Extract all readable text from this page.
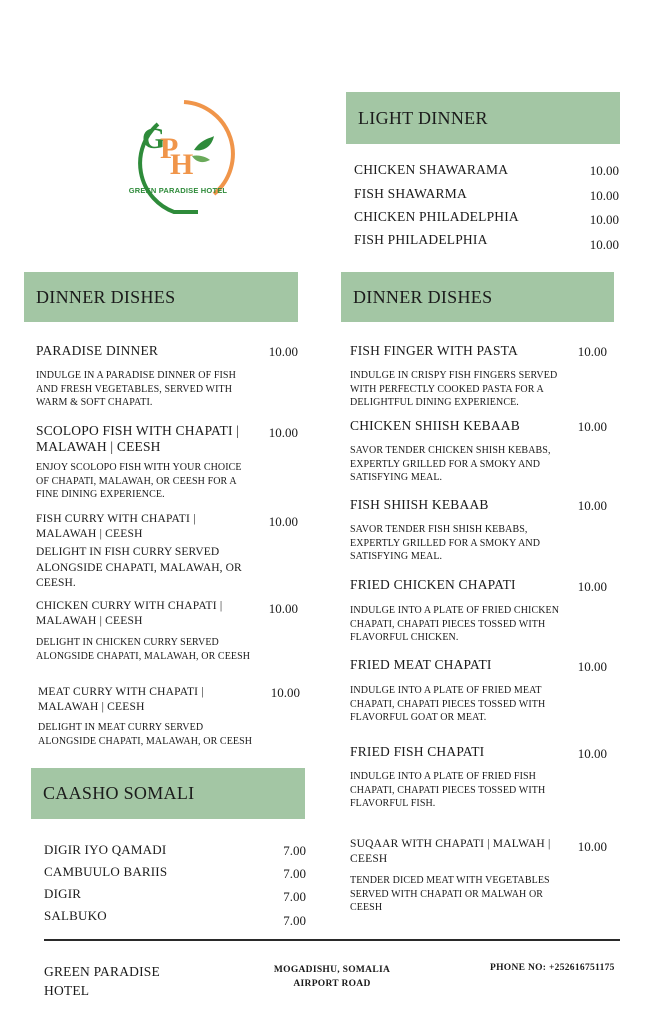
G
P
H
GREEN PARADISE HOTEL
LIGHT DINNER
CHICKEN SHAWARAMA	10.00
FISH SHAWARMA	10.00
CHICKEN PHILADELPHIA	10.00
FISH PHILADELPHIA	10.00
DINNER DISHES
PARADISE DINNER	10.00
INDULGE IN A PARADISE DINNER OF FISH AND FRESH VEGETABLES, SERVED WITH WARM & SOFT CHAPATI.
SCOLOPO FISH WITH CHAPATI | MALAWAH | CEESH
10.00
ENJOY SCOLOPO FISH WITH YOUR CHOICE OF CHAPATI, MALAWAH, OR CEESH FOR A FINE DINING EXPERIENCE.
FISH CURRY WITH CHAPATI | MALAWAH | CEESH
10.00
DELIGHT IN FISH CURRY SERVED ALONGSIDE CHAPATI, MALAWAH, OR CEESH.
CHICKEN CURRY WITH CHAPATI | MALAWAH | CEESH
10.00
DELIGHT IN CHICKEN CURRY SERVED ALONGSIDE CHAPATI, MALAWAH, OR CEESH
MEAT CURRY WITH CHAPATI | MALAWAH | CEESH
10.00
DELIGHT IN MEAT CURRY SERVED ALONGSIDE CHAPATI, MALAWAH, OR CEESH
DINNER DISHES
FISH FINGER WITH PASTA	10.00
INDULGE IN CRISPY FISH FINGERS SERVED WITH PERFECTLY COOKED PASTA FOR A DELIGHTFUL DINING EXPERIENCE.
CHICKEN SHIISH KEBAAB	10.00
SAVOR TENDER CHICKEN SHISH KEBABS, EXPERTLY GRILLED FOR A SMOKY AND SATISFYING MEAL.
FISH SHIISH KEBAAB	10.00
SAVOR TENDER FISH SHISH KEBABS, EXPERTLY GRILLED FOR A SMOKY AND SATISFYING MEAL.
FRIED CHICKEN CHAPATI	10.00
INDULGE INTO A PLATE OF FRIED CHICKEN CHAPATI, CHAPATI PIECES TOSSED WITH FLAVORFUL CHICKEN.
FRIED MEAT CHAPATI	10.00
INDULGE INTO A PLATE OF FRIED MEAT CHAPATI, CHAPATI PIECES TOSSED WITH FLAVORFUL GOAT OR MEAT.
FRIED FISH CHAPATI	10.00
INDULGE INTO A PLATE OF FRIED FISH CHAPATI, CHAPATI PIECES TOSSED WITH FLAVORFUL FISH.
SUQAAR WITH CHAPATI | MALWAH | CEESH
10.00
TENDER DICED MEAT WITH VEGETABLES SERVED WITH CHAPATI OR MALWAH OR CEESH
CAASHO SOMALI
DIGIR IYO QAMADI	7.00
CAMBUULO BARIIS	7.00
DIGIR	7.00
SALBUKO	7.00
GREEN PARADISE
HOTEL
MOGADISHU, SOMALIA
AIRPORT ROAD
PHONE NO: +252616751175
